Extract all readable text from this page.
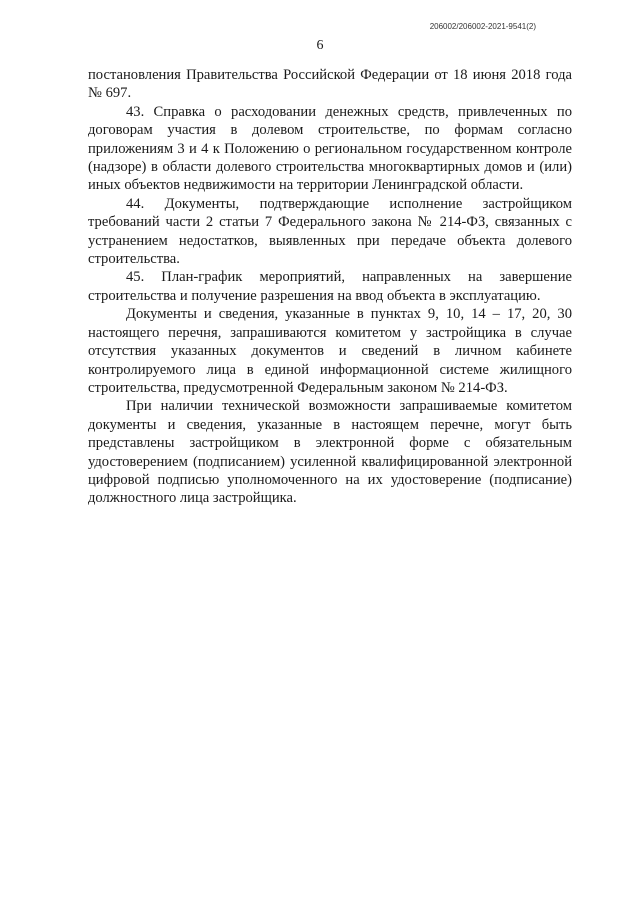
206002/206002-2021-9541(2)
6

постановления Правительства Российской Федерации от 18 июня 2018 года № 697.

43. Справка о расходовании денежных средств, привлеченных по договорам участия в долевом строительстве, по формам согласно приложениям 3 и 4 к Положению о региональном государственном контроле (надзоре) в области долевого строительства многоквартирных домов и (или) иных объектов недвижимости на территории Ленинградской области.

44. Документы, подтверждающие исполнение застройщиком требований части 2 статьи 7 Федерального закона № 214-ФЗ, связанных с устранением недостатков, выявленных при передаче объекта долевого строительства.

45. План-график мероприятий, направленных на завершение строительства и получение разрешения на ввод объекта в эксплуатацию.

Документы и сведения, указанные в пунктах 9, 10, 14 – 17, 20, 30 настоящего перечня, запрашиваются комитетом у застройщика в случае отсутствия указанных документов и сведений в личном кабинете контролируемого лица в единой информационной системе жилищного строительства, предусмотренной Федеральным законом № 214-ФЗ.

При наличии технической возможности запрашиваемые комитетом документы и сведения, указанные в настоящем перечне, могут быть представлены застройщиком в электронной форме с обязательным удостоверением (подписанием) усиленной квалифицированной электронной цифровой подписью уполномоченного на их удостоверение (подписание) должностного лица застройщика.
